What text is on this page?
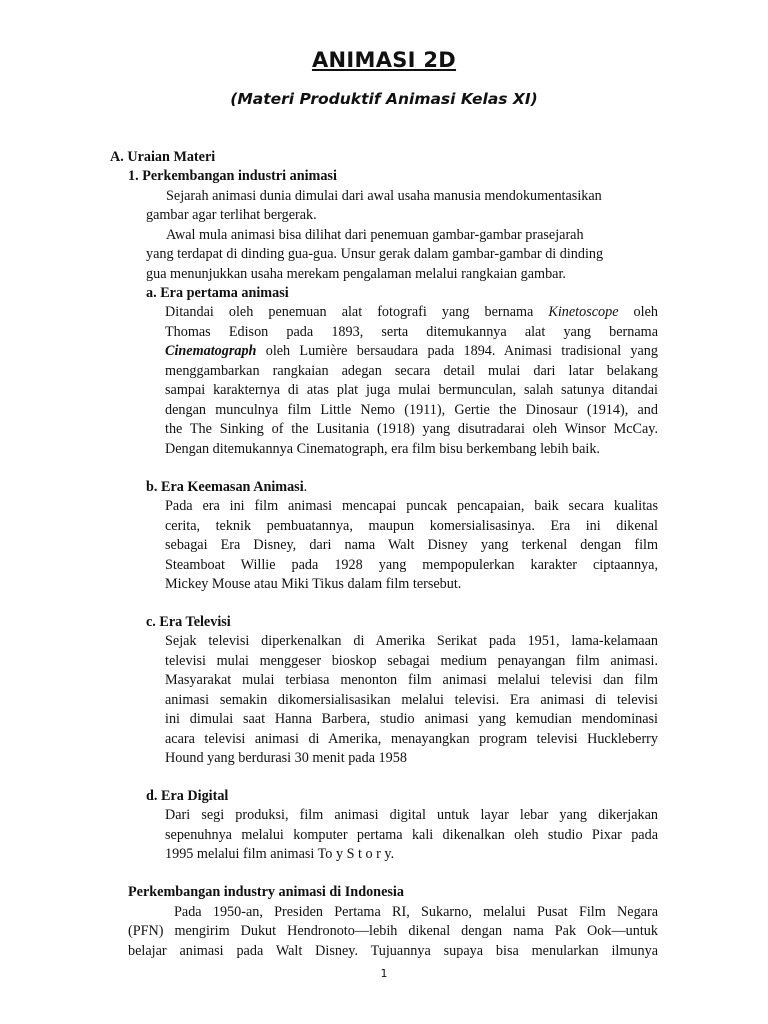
ANIMASI 2D
(Materi Produktif Animasi Kelas XI)
A. Uraian Materi
1. Perkembangan industri animasi
Sejarah animasi dunia dimulai dari awal usaha manusia mendokumentasikan
gambar agar terlihat bergerak.
Awal mula animasi bisa dilihat dari penemuan gambar-gambar prasejarah
yang terdapat di dinding gua-gua. Unsur gerak dalam gambar-gambar di dinding
gua menunjukkan usaha merekam pengalaman melalui rangkaian gambar.
a. Era pertama animasi
Ditandai oleh penemuan alat fotografi yang bernama Kinetoscope oleh
Thomas Edison pada 1893, serta ditemukannya alat yang bernama
Cinematograph oleh Lumière bersaudara pada 1894. Animasi tradisional yang
menggambarkan rangkaian adegan secara detail mulai dari latar belakang
sampai karakternya di atas plat juga mulai bermunculan, salah satunya ditandai
dengan munculnya film Little Nemo (1911), Gertie the Dinosaur (1914), and
the The Sinking of the Lusitania (1918) yang disutradarai oleh Winsor McCay.
Dengan ditemukannya Cinematograph, era film bisu berkembang lebih baik.
b. Era Keemasan Animasi.
Pada era ini film animasi mencapai puncak pencapaian, baik secara kualitas
cerita, teknik pembuatannya, maupun komersialisasinya. Era ini dikenal
sebagai Era Disney, dari nama Walt Disney yang terkenal dengan film
Steamboat Willie pada 1928 yang mempopulerkan karakter ciptaannya,
Mickey Mouse atau Miki Tikus dalam film tersebut.
c. Era Televisi
Sejak televisi diperkenalkan di Amerika Serikat pada 1951, lama-kelamaan
televisi mulai menggeser bioskop sebagai medium penayangan film animasi.
Masyarakat mulai terbiasa menonton film animasi melalui televisi dan film
animasi semakin dikomersialisasikan melalui televisi. Era animasi di televisi
ini dimulai saat Hanna Barbera, studio animasi yang kemudian mendominasi
acara televisi animasi di Amerika, menayangkan program televisi Huckleberry
Hound yang berdurasi 30 menit pada 1958
d. Era Digital
Dari segi produksi, film animasi digital untuk layar lebar yang dikerjakan
sepenuhnya melalui komputer pertama kali dikenalkan oleh studio Pixar pada
1995 melalui film animasi To y S t o r y.
Perkembangan industry animasi di Indonesia
Pada 1950-an, Presiden Pertama RI, Sukarno, melalui Pusat Film Negara
(PFN) mengirim Dukut Hendronoto—lebih dikenal dengan nama Pak Ook—untuk
belajar animasi pada Walt Disney. Tujuannya supaya bisa menularkan ilmunya
1
